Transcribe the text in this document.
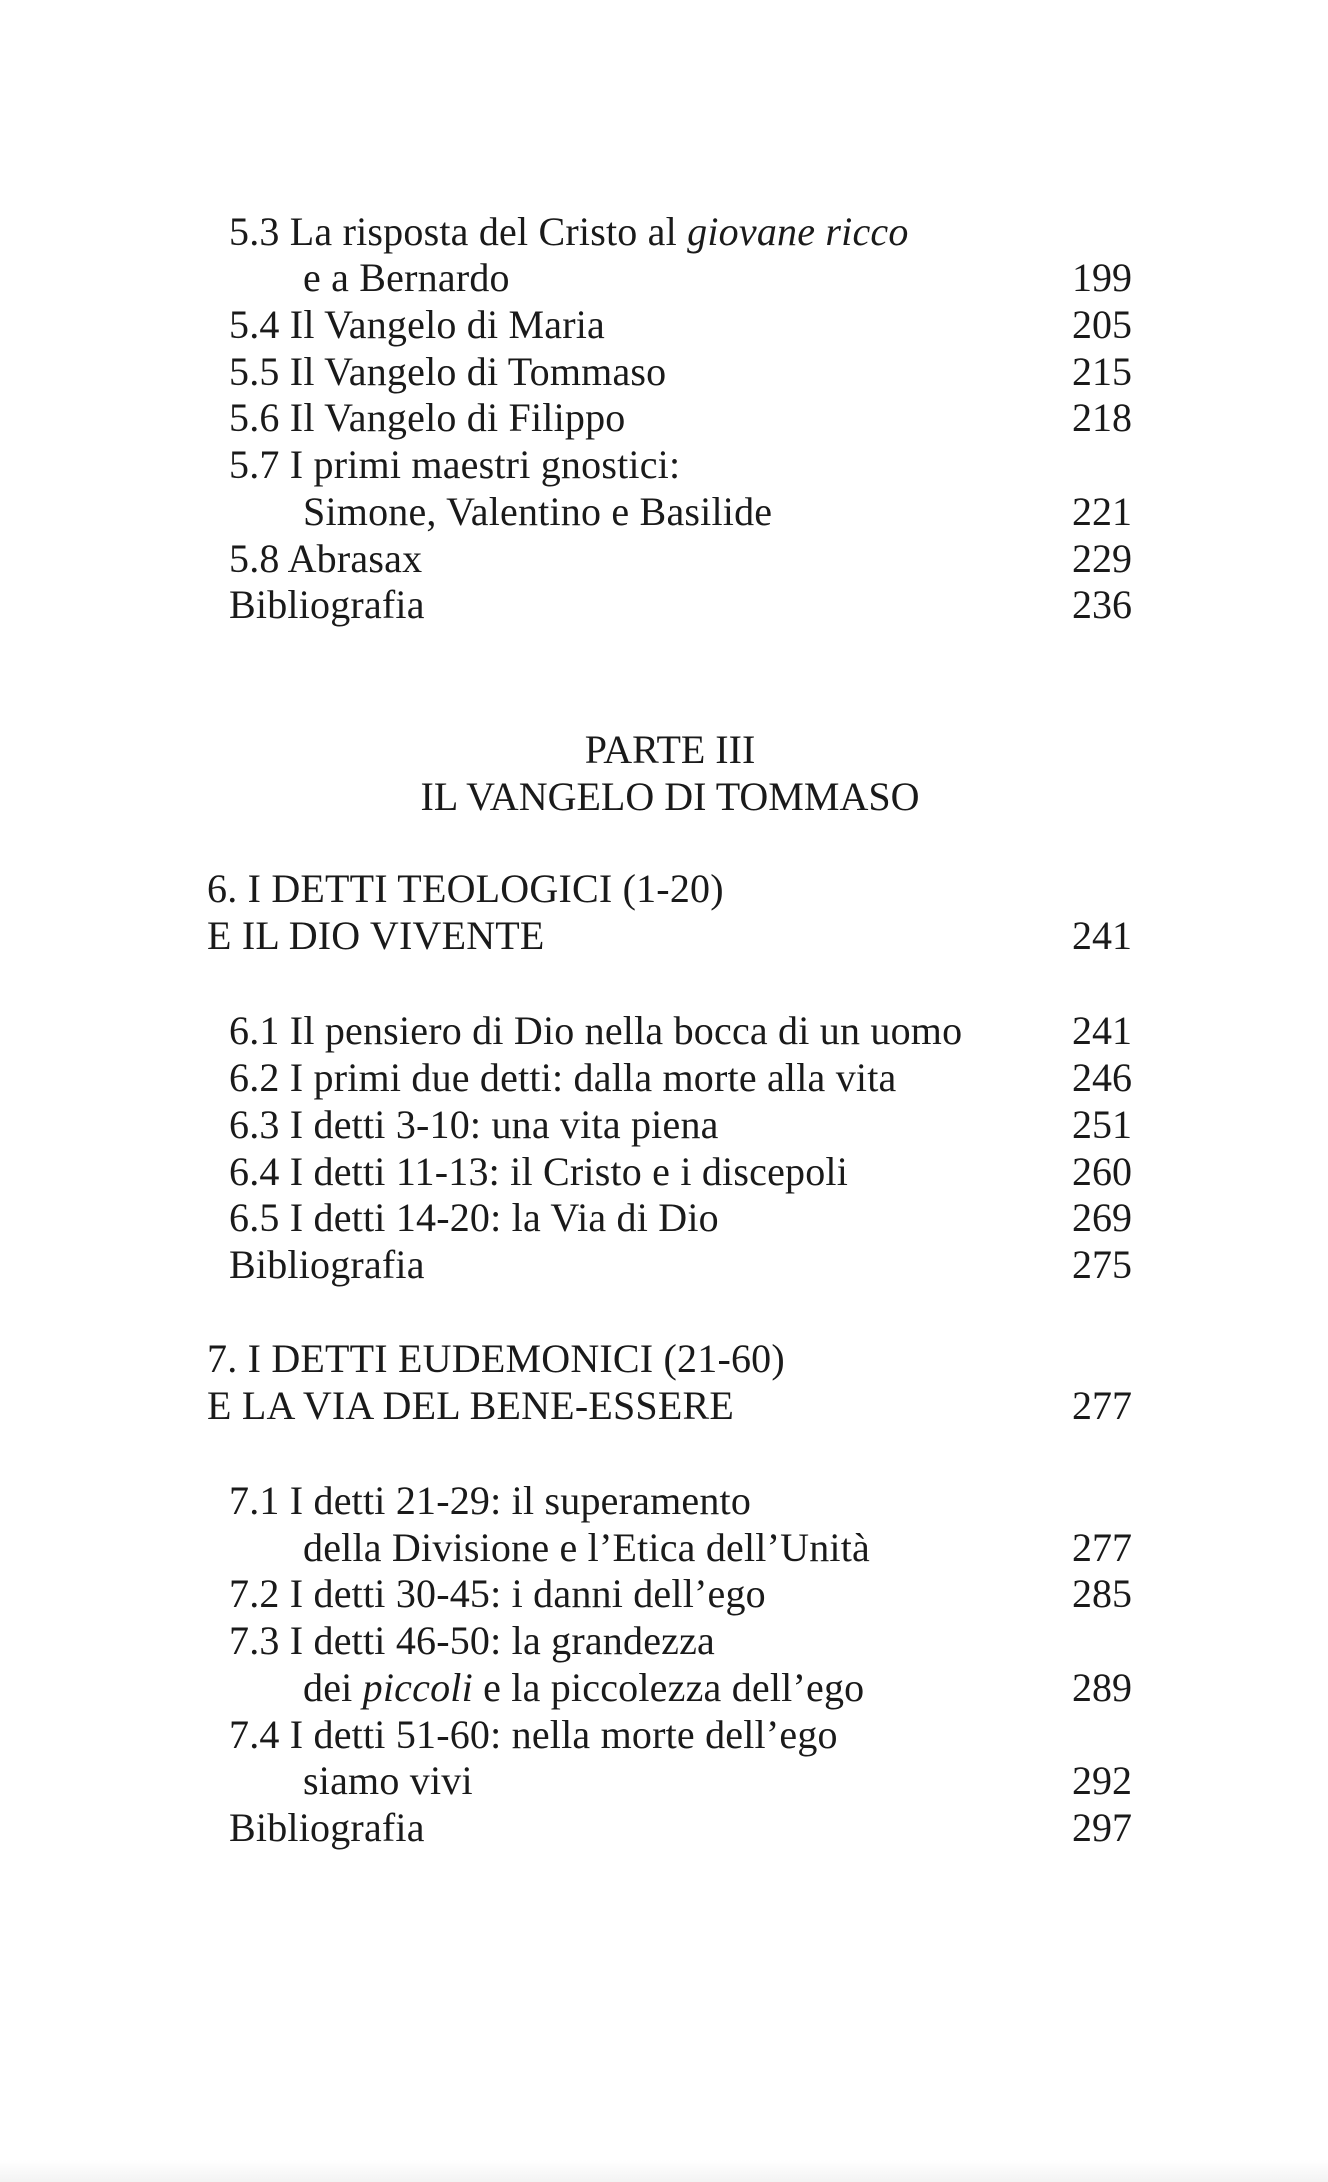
5.3 La risposta del Cristo al giovane ricco
e a Bernardo	199
5.4 Il Vangelo di Maria	205
5.5 Il Vangelo di Tommaso	215
5.6 Il Vangelo di Filippo	218
5.7 I primi maestri gnostici:
Simone, Valentino e Basilide	221
5.8 Abrasax	229
Bibliografia	236
PARTE III
IL VANGELO DI TOMMASO
6. I DETTI TEOLOGICI (1-20)
E IL DIO VIVENTE	241
6.1 Il pensiero di Dio nella bocca di un uomo	241
6.2 I primi due detti: dalla morte alla vita	246
6.3 I detti 3-10: una vita piena	251
6.4 I detti 11-13: il Cristo e i discepoli	260
6.5 I detti 14-20: la Via di Dio	269
Bibliografia	275
7. I DETTI EUDEMONICI (21-60)
E LA VIA DEL BENE-ESSERE	277
7.1 I detti 21-29: il superamento
della Divisione e l’Etica dell’Unità	277
7.2 I detti 30-45: i danni dell’ego	285
7.3 I detti 46-50: la grandezza
dei piccoli e la piccolezza dell’ego	289
7.4 I detti 51-60: nella morte dell’ego
siamo vivi	292
Bibliografia	297
